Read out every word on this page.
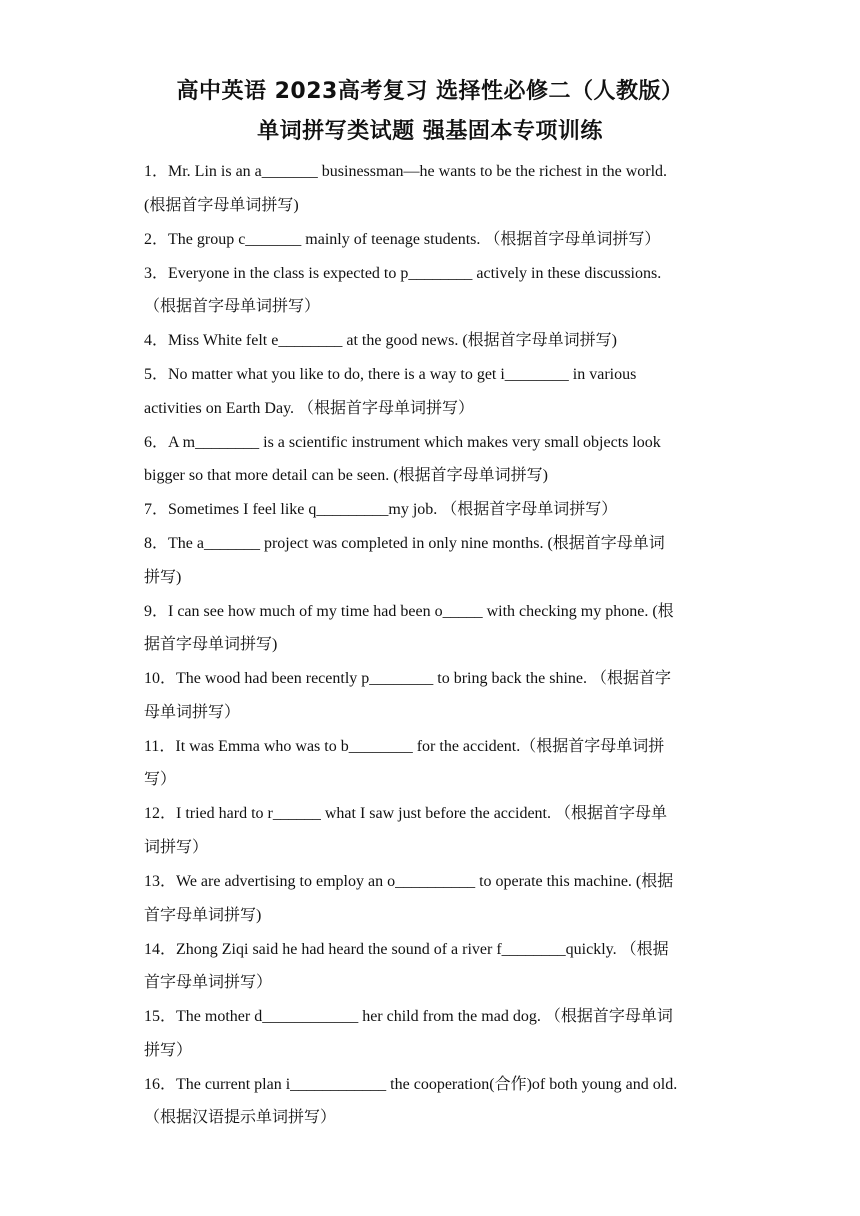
高中英语 2023高考复习 选择性必修二（人教版）
单词拼写类试题 强基固本专项训练
1．Mr. Lin is an a_______ businessman—he wants to be the richest in the world.
(根据首字母单词拼写)
2．The group c_______ mainly of teenage students. （根据首字母单词拼写）
3．Everyone in the class is expected to p________ actively in these discussions.
（根据首字母单词拼写）
4．Miss White felt e________ at the good news. (根据首字母单词拼写)
5．No matter what you like to do, there is a way to get i________ in various
activities on Earth Day. （根据首字母单词拼写）
6．A m________ is a scientific instrument which makes very small objects look
bigger so that more detail can be seen. (根据首字母单词拼写)
7．Sometimes I feel like q_________my job. （根据首字母单词拼写）
8．The a_______ project was completed in only nine months. (根据首字母单词
拼写)
9．I can see how much of my time had been o_____ with checking my phone. (根
据首字母单词拼写)
10．The wood had been recently p________ to bring back the shine. （根据首字
母单词拼写）
11．It was Emma who was to b________ for the accident.（根据首字母单词拼
写）
12．I tried hard to r______ what I saw just before the accident. （根据首字母单
词拼写）
13．We are advertising to employ an o__________ to operate this machine. (根据
首字母单词拼写)
14．Zhong Ziqi said he had heard the sound of a river f________quickly. （根据
首字母单词拼写）
15．The mother d____________ her child from the mad dog. （根据首字母单词
拼写）
16．The current plan i____________ the cooperation(合作)of both young and old.
（根据汉语提示单词拼写）
